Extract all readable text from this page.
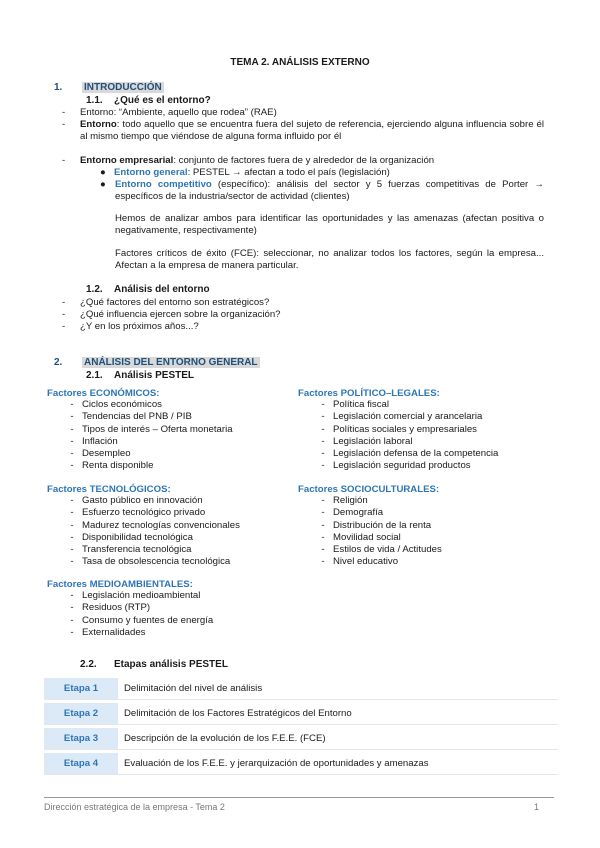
TEMA 2. ANÁLISIS EXTERNO
1. INTRODUCCIÓN
1.1. ¿Qué es el entorno?
- Entorno: “Ambiente, aquello que rodea” (RAE)
- Entorno: todo aquello que se encuentra fuera del sujeto de referencia, ejerciendo alguna influencia sobre él al mismo tiempo que viéndose de alguna forma influido por él
- Entorno empresarial: conjunto de factores fuera de y alrededor de la organización
● Entorno general: PESTEL → afectan a todo el país (legislación)
● Entorno competitivo (específico): análisis del sector y 5 fuerzas competitivas de Porter → específicos de la industria/sector de actividad (clientes)
Hemos de analizar ambos para identificar las oportunidades y las amenazas (afectan positiva o negativamente, respectivamente)
Factores críticos de éxito (FCE): seleccionar, no analizar todos los factores, según la empresa... Afectan a la empresa de manera particular.
1.2. Análisis del entorno
- ¿Qué factores del entorno son estratégicos?
- ¿Qué influencia ejercen sobre la organización?
- ¿Y en los próximos años...?
2. ANÁLISIS DEL ENTORNO GENERAL
2.1. Análisis PESTEL
Factores ECONÓMICOS:
- Ciclos económicos
- Tendencias del PNB / PIB
- Tipos de interés – Oferta monetaria
- Inflación
- Desempleo
- Renta disponible
Factores POLÍTICO–LEGALES:
- Política fiscal
- Legislación comercial y arancelaria
- Políticas sociales y empresariales
- Legislación laboral
- Legislación defensa de la competencia
- Legislación seguridad productos
Factores TECNOLÓGICOS:
- Gasto público en innovación
- Esfuerzo tecnológico privado
- Madurez tecnologías convencionales
- Disponibilidad tecnológica
- Transferencia tecnológica
- Tasa de obsolescencia tecnológica
Factores SOCIOCULTURALES:
- Religión
- Demografía
- Distribución de la renta
- Movilidad social
- Estilos de vida / Actitudes
- Nivel educativo
Factores MEDIOAMBIENTALES:
- Legislación medioambiental
- Residuos (RTP)
- Consumo y fuentes de energía
- Externalidades
2.2. Etapas análisis PESTEL
Etapa 1	Delimitación del nivel de análisis
Etapa 2	Delimitación de los Factores Estratégicos del Entorno
Etapa 3	Descripción de la evolución de los F.E.E. (FCE)
Etapa 4	Evaluación de los F.E.E. y jerarquización de oportunidades y amenazas
Dirección estratégica de la empresa - Tema 2	1
